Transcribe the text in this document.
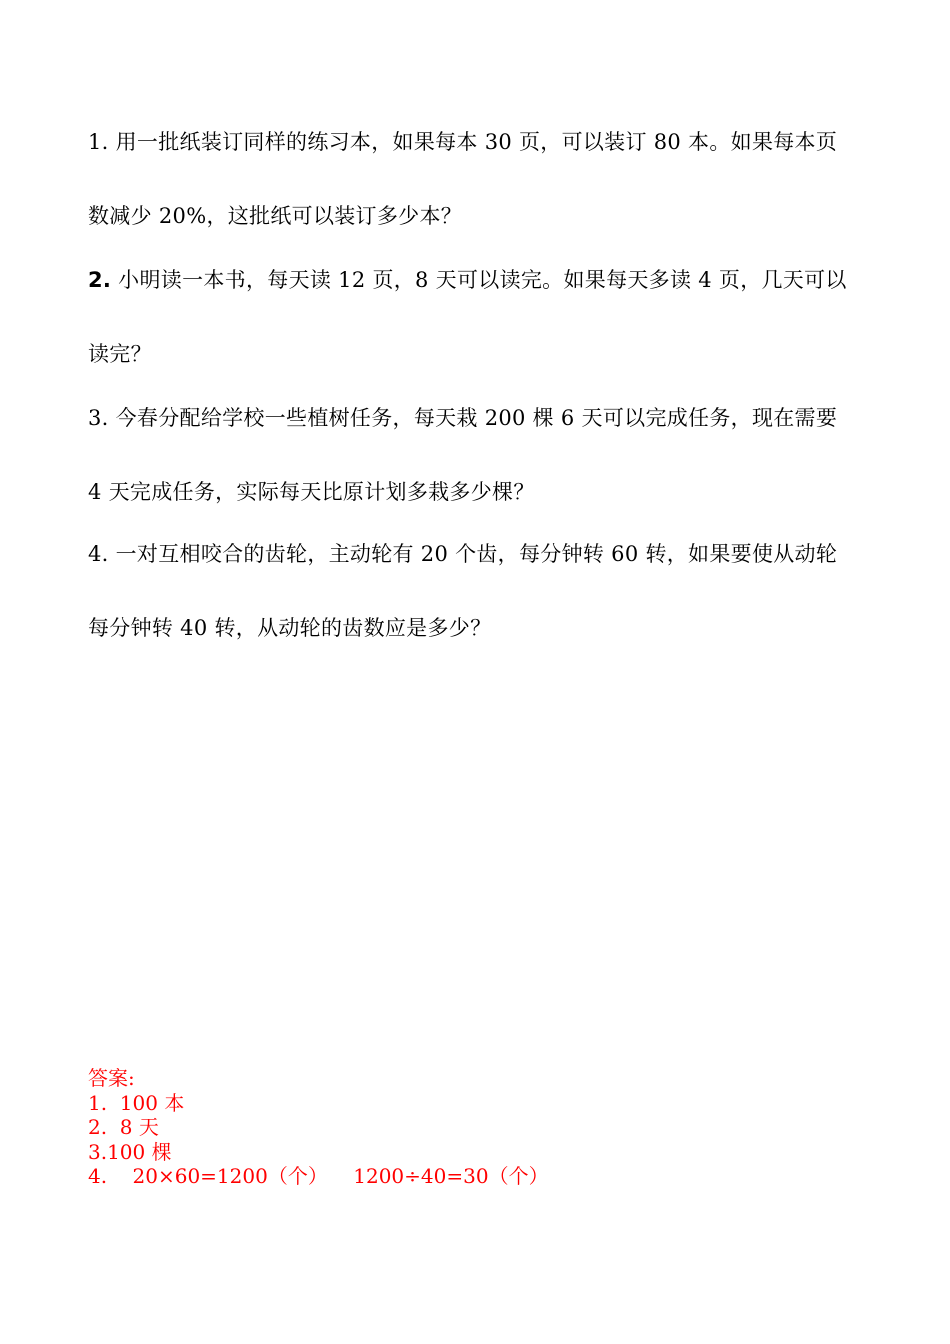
1. 用一批纸装订同样的练习本，如果每本 30 页，可以装订 80 本。如果每本页
数减少 20%，这批纸可以装订多少本？
2. 小明读一本书，每天读 12 页，8 天可以读完。如果每天多读 4 页，几天可以
读完？
3. 今春分配给学校一些植树任务，每天栽 200 棵 6 天可以完成任务，现在需要
4 天完成任务，实际每天比原计划多栽多少棵？
4. 一对互相咬合的齿轮，主动轮有 20 个齿，每分钟转 60 转，如果要使从动轮
每分钟转 40 转，从动轮的齿数应是多少？
答案:
1.  100 本
2.  8 天
3.100 棵
4.    20×60=1200（个）    1200÷40=30（个）
